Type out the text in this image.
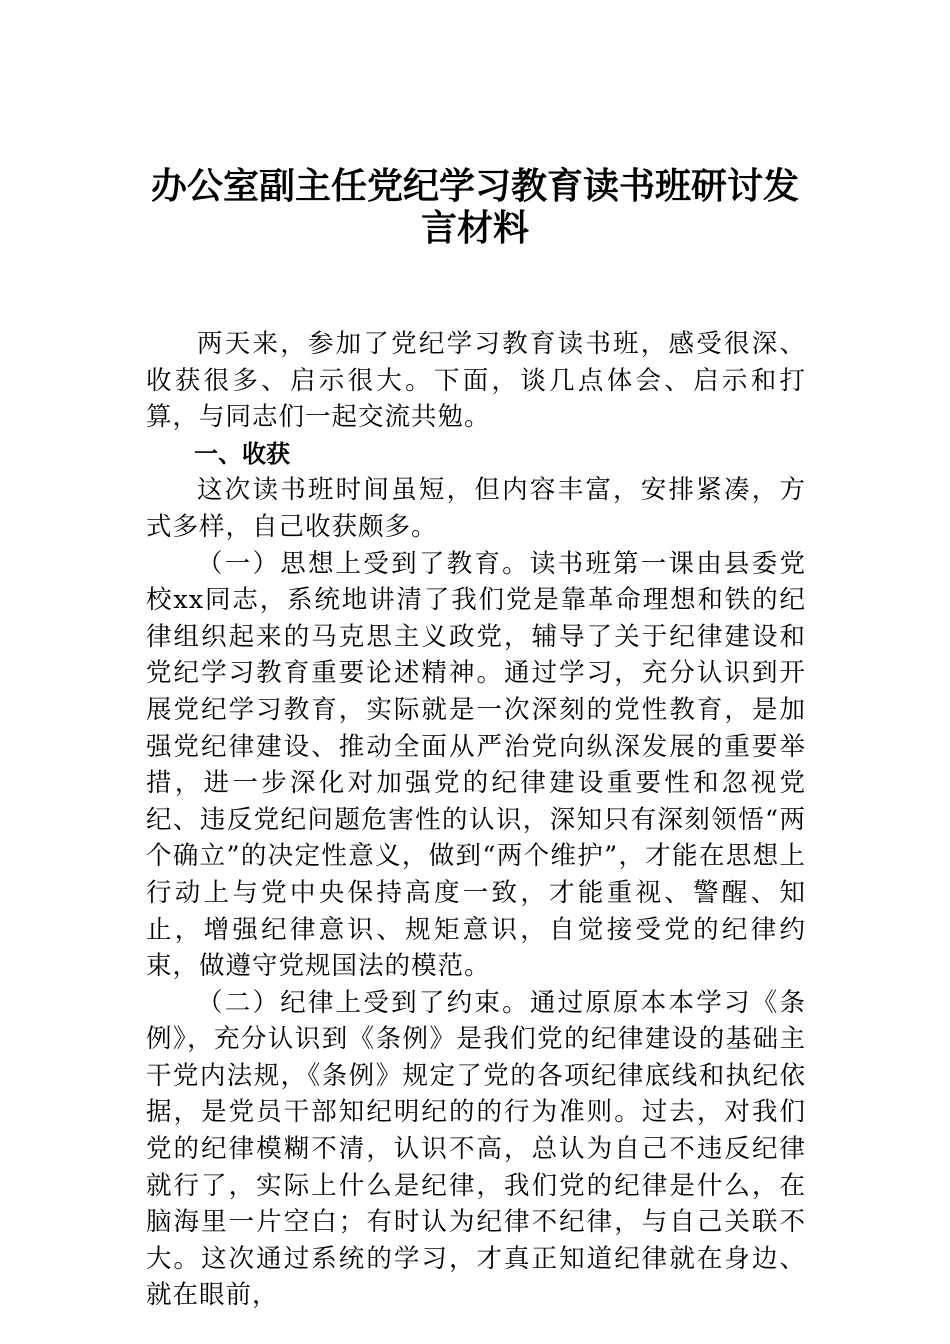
办公室副主任党纪学习教育读书班研讨发
言材料

两天来，参加了党纪学习教育读书班，感受很深、收获很多、启示很大。下面，谈几点体会、启示和打算，与同志们一起交流共勉。

一、收获

这次读书班时间虽短，但内容丰富，安排紧凑，方式多样，自己收获颇多。

（一）思想上受到了教育。读书班第一课由县委党校xx同志，系统地讲清了我们党是靠革命理想和铁的纪律组织起来的马克思主义政党，辅导了关于纪律建设和党纪学习教育重要论述精神。通过学习，充分认识到开展党纪学习教育，实际就是一次深刻的党性教育，是加强党纪律建设、推动全面从严治党向纵深发展的重要举措，进一步深化对加强党的纪律建设重要性和忽视党纪、违反党纪问题危害性的认识，深知只有深刻领悟“两个确立”的决定性意义，做到“两个维护”，才能在思想上行动上与党中央保持高度一致，才能重视、警醒、知止，增强纪律意识、规矩意识，自觉接受党的纪律约束，做遵守党规国法的模范。

（二）纪律上受到了约束。通过原原本本学习《条例》，充分认识到《条例》是我们党的纪律建设的基础主干党内法规，《条例》规定了党的各项纪律底线和执纪依据，是党员干部知纪明纪的的行为准则。过去，对我们党的纪律模糊不清，认识不高，总认为自己不违反纪律就行了，实际上什么是纪律，我们党的纪律是什么，在脑海里一片空白；有时认为纪律不纪律，与自己关联不大。这次通过系统的学习，才真正知道纪律就在身边、就在眼前，
